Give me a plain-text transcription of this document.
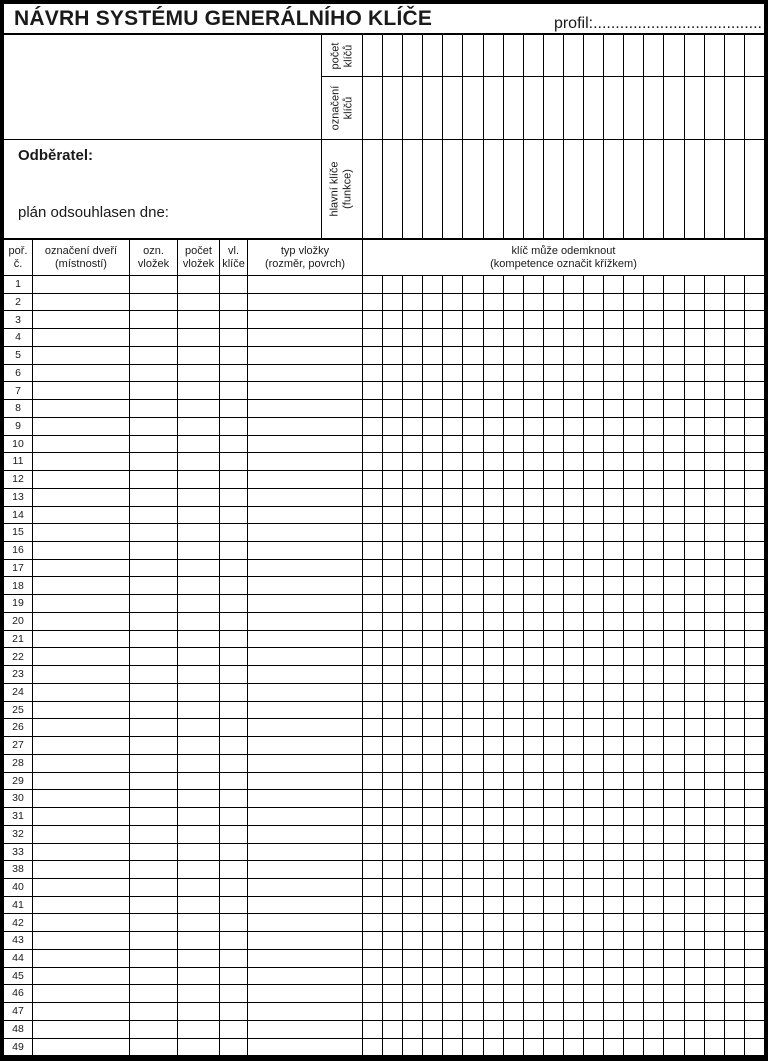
NÁVRH SYSTÉMU GENERÁLNÍHO KLÍČE	profil:......................................
počet klíčů
označení klíčů
Odběratel:
plán odsouhlasen dne:	hlavní klíče (funkce)
poř.
č.
označení dveří
(místností)
ozn.
vložek
počet
vložek
vl.
klíče
typ vložky
(rozměr, povrch)
klíč může odemknout
(kompetence označit křížkem)
1
2
3
4
5
6
7
8
9
10
11
12
13
14
15
16
17
18
19
20
21
22
23
24
25
26
27
28
29
30
31
32
33
38
40
41
42
43
44
45
46
47
48
49
